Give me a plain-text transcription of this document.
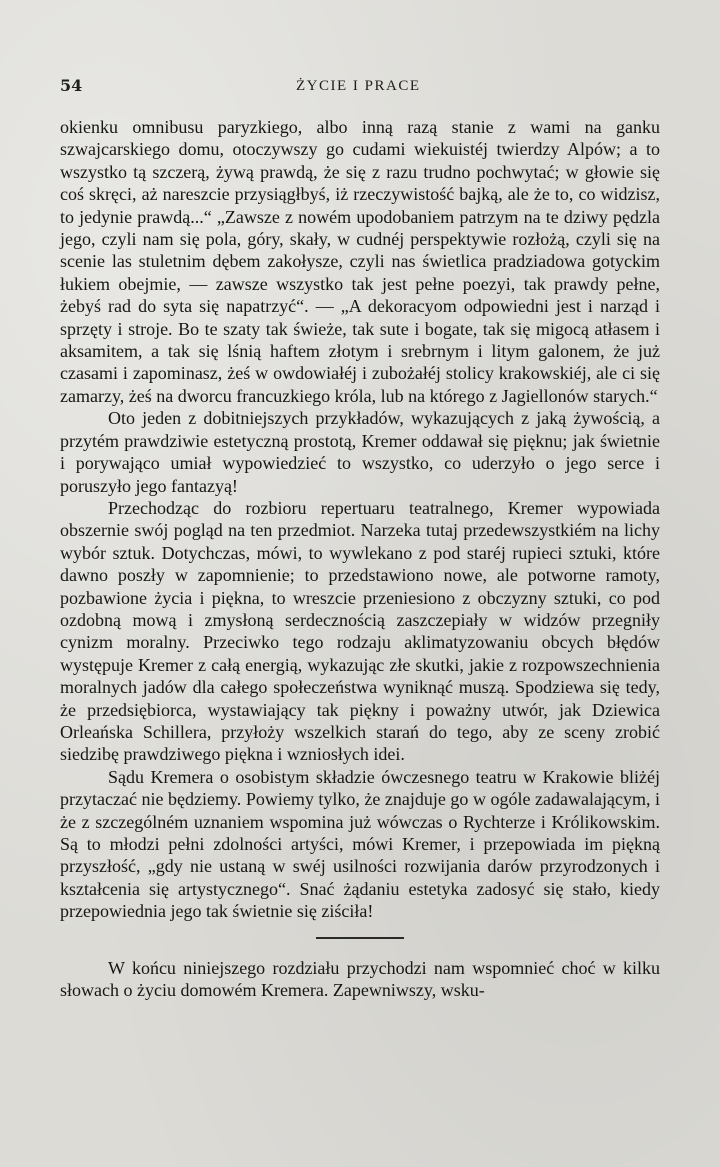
54	ŻYCIE I PRACE

okienku omnibusu paryzkiego, albo inną razą stanie z wami na ganku szwajcarskiego domu, otoczywszy go cudami wiekuistéj twierdzy Alpów; a to wszystko tą szczerą, żywą prawdą, że się z razu trudno pochwytać; w głowie się coś skręci, aż nareszcie przysiągłbyś, iż rzeczywistość bajką, ale że to, co widzisz, to jedynie prawdą...“ „Zawsze z nowém upodobaniem patrzym na te dziwy pędzla jego, czyli nam się pola, góry, skały, w cudnéj perspektywie rozłożą, czyli się na scenie las stuletnim dębem zakołysze, czyli nas świetlica pradziadowa gotyckim łukiem obejmie, — zawsze wszystko tak jest pełne poezyi, tak prawdy pełne, żebyś rad do syta się napatrzyć“. — „A dekoracyom odpowiedni jest i narząd i sprzęty i stroje. Bo te szaty tak świeże, tak sute i bogate, tak się migocą atłasem i aksamitem, a tak się lśnią haftem złotym i srebrnym i litym galonem, że już czasami i zapominasz, żeś w owdowiałéj i zubożałéj stolicy krakowskiéj, ale ci się zamarzy, żeś na dworcu francuzkiego króla, lub na którego z Jagiellonów starych.“

Oto jeden z dobitniejszych przykładów, wykazujących z jaką żywością, a przytém prawdziwie estetyczną prostotą, Kremer oddawał się pięknu; jak świetnie i porywająco umiał wypowiedzieć to wszystko, co uderzyło o jego serce i poruszyło jego fantazyą!

Przechodząc do rozbioru repertuaru teatralnego, Kremer wypowiada obszernie swój pogląd na ten przedmiot. Narzeka tutaj przedewszystkiém na lichy wybór sztuk. Dotychczas, mówi, to wywlekano z pod staréj rupieci sztuki, które dawno poszły w zapomnienie; to przedstawiono nowe, ale potworne ramoty, pozbawione życia i piękna, to wreszcie przeniesiono z obczyzny sztuki, co pod ozdobną mową i zmysłoną serdecznością zaszczepiały w widzów przegniły cynizm moralny. Przeciwko tego rodzaju aklimatyzowaniu obcych błędów występuje Kremer z całą energią, wykazując złe skutki, jakie z rozpowszechnienia moralnych jadów dla całego społeczeństwa wyniknąć muszą. Spodziewa się tedy, że przedsiębiorca, wystawiający tak piękny i poważny utwór, jak Dziewica Orleańska Schillera, przyłoży wszelkich starań do tego, aby ze sceny zrobić siedzibę prawdziwego piękna i wzniosłych idei.

Sądu Kremera o osobistym składzie ówczesnego teatru w Krakowie bliżéj przytaczać nie będziemy. Powiemy tylko, że znajduje go w ogóle zadawalającym, i że z szczególném uznaniem wspomina już wówczas o Rychterze i Królikowskim. Są to młodzi pełni zdolności artyści, mówi Kremer, i przepowiada im piękną przyszłość, „gdy nie ustaną w swéj usilności rozwijania darów przyrodzonych i kształcenia się artystycznego“. Snać żądaniu estetyka zadosyć się stało, kiedy przepowiednia jego tak świetnie się ziściła!

W końcu niniejszego rozdziału przychodzi nam wspomnieć choć w kilku słowach o życiu domowém Kremera. Zapewniwszy, wsku-
